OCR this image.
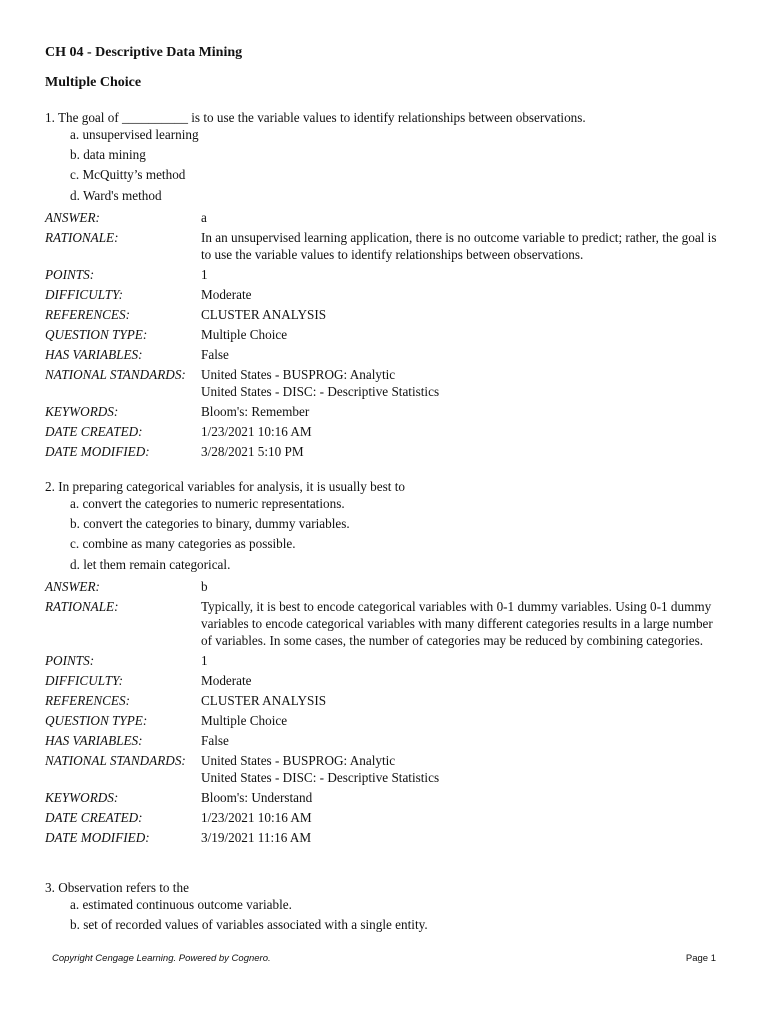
CH 04 - Descriptive Data Mining
Multiple Choice
1. The goal of __________ is to use the variable values to identify relationships between observations.
a. unsupervised learning
b. data mining
c. McQuitty’s method
d. Ward's method
ANSWER:	a
RATIONALE:	In an unsupervised learning application, there is no outcome variable to predict; rather, the goal is to use the variable values to identify relationships between observations.
POINTS:	1
DIFFICULTY:	Moderate
REFERENCES:	CLUSTER ANALYSIS
QUESTION TYPE:	Multiple Choice
HAS VARIABLES:	False
NATIONAL STANDARDS:	United States - BUSPROG: Analytic
United States - DISC: - Descriptive Statistics
KEYWORDS:	Bloom's: Remember
DATE CREATED:	1/23/2021 10:16 AM
DATE MODIFIED:	3/28/2021 5:10 PM
2. In preparing categorical variables for analysis, it is usually best to
a. convert the categories to numeric representations.
b. convert the categories to binary, dummy variables.
c. combine as many categories as possible.
d. let them remain categorical.
ANSWER:	b
RATIONALE:	Typically, it is best to encode categorical variables with 0-1 dummy variables. Using 0-1 dummy variables to encode categorical variables with many different categories results in a large number of variables. In some cases, the number of categories may be reduced by combining categories.
POINTS:	1
DIFFICULTY:	Moderate
REFERENCES:	CLUSTER ANALYSIS
QUESTION TYPE:	Multiple Choice
HAS VARIABLES:	False
NATIONAL STANDARDS:	United States - BUSPROG: Analytic
United States - DISC: - Descriptive Statistics
KEYWORDS:	Bloom's: Understand
DATE CREATED:	1/23/2021 10:16 AM
DATE MODIFIED:	3/19/2021 11:16 AM
3. Observation refers to the
a. estimated continuous outcome variable.
b. set of recorded values of variables associated with a single entity.
Copyright Cengage Learning. Powered by Cognero.	Page 1
